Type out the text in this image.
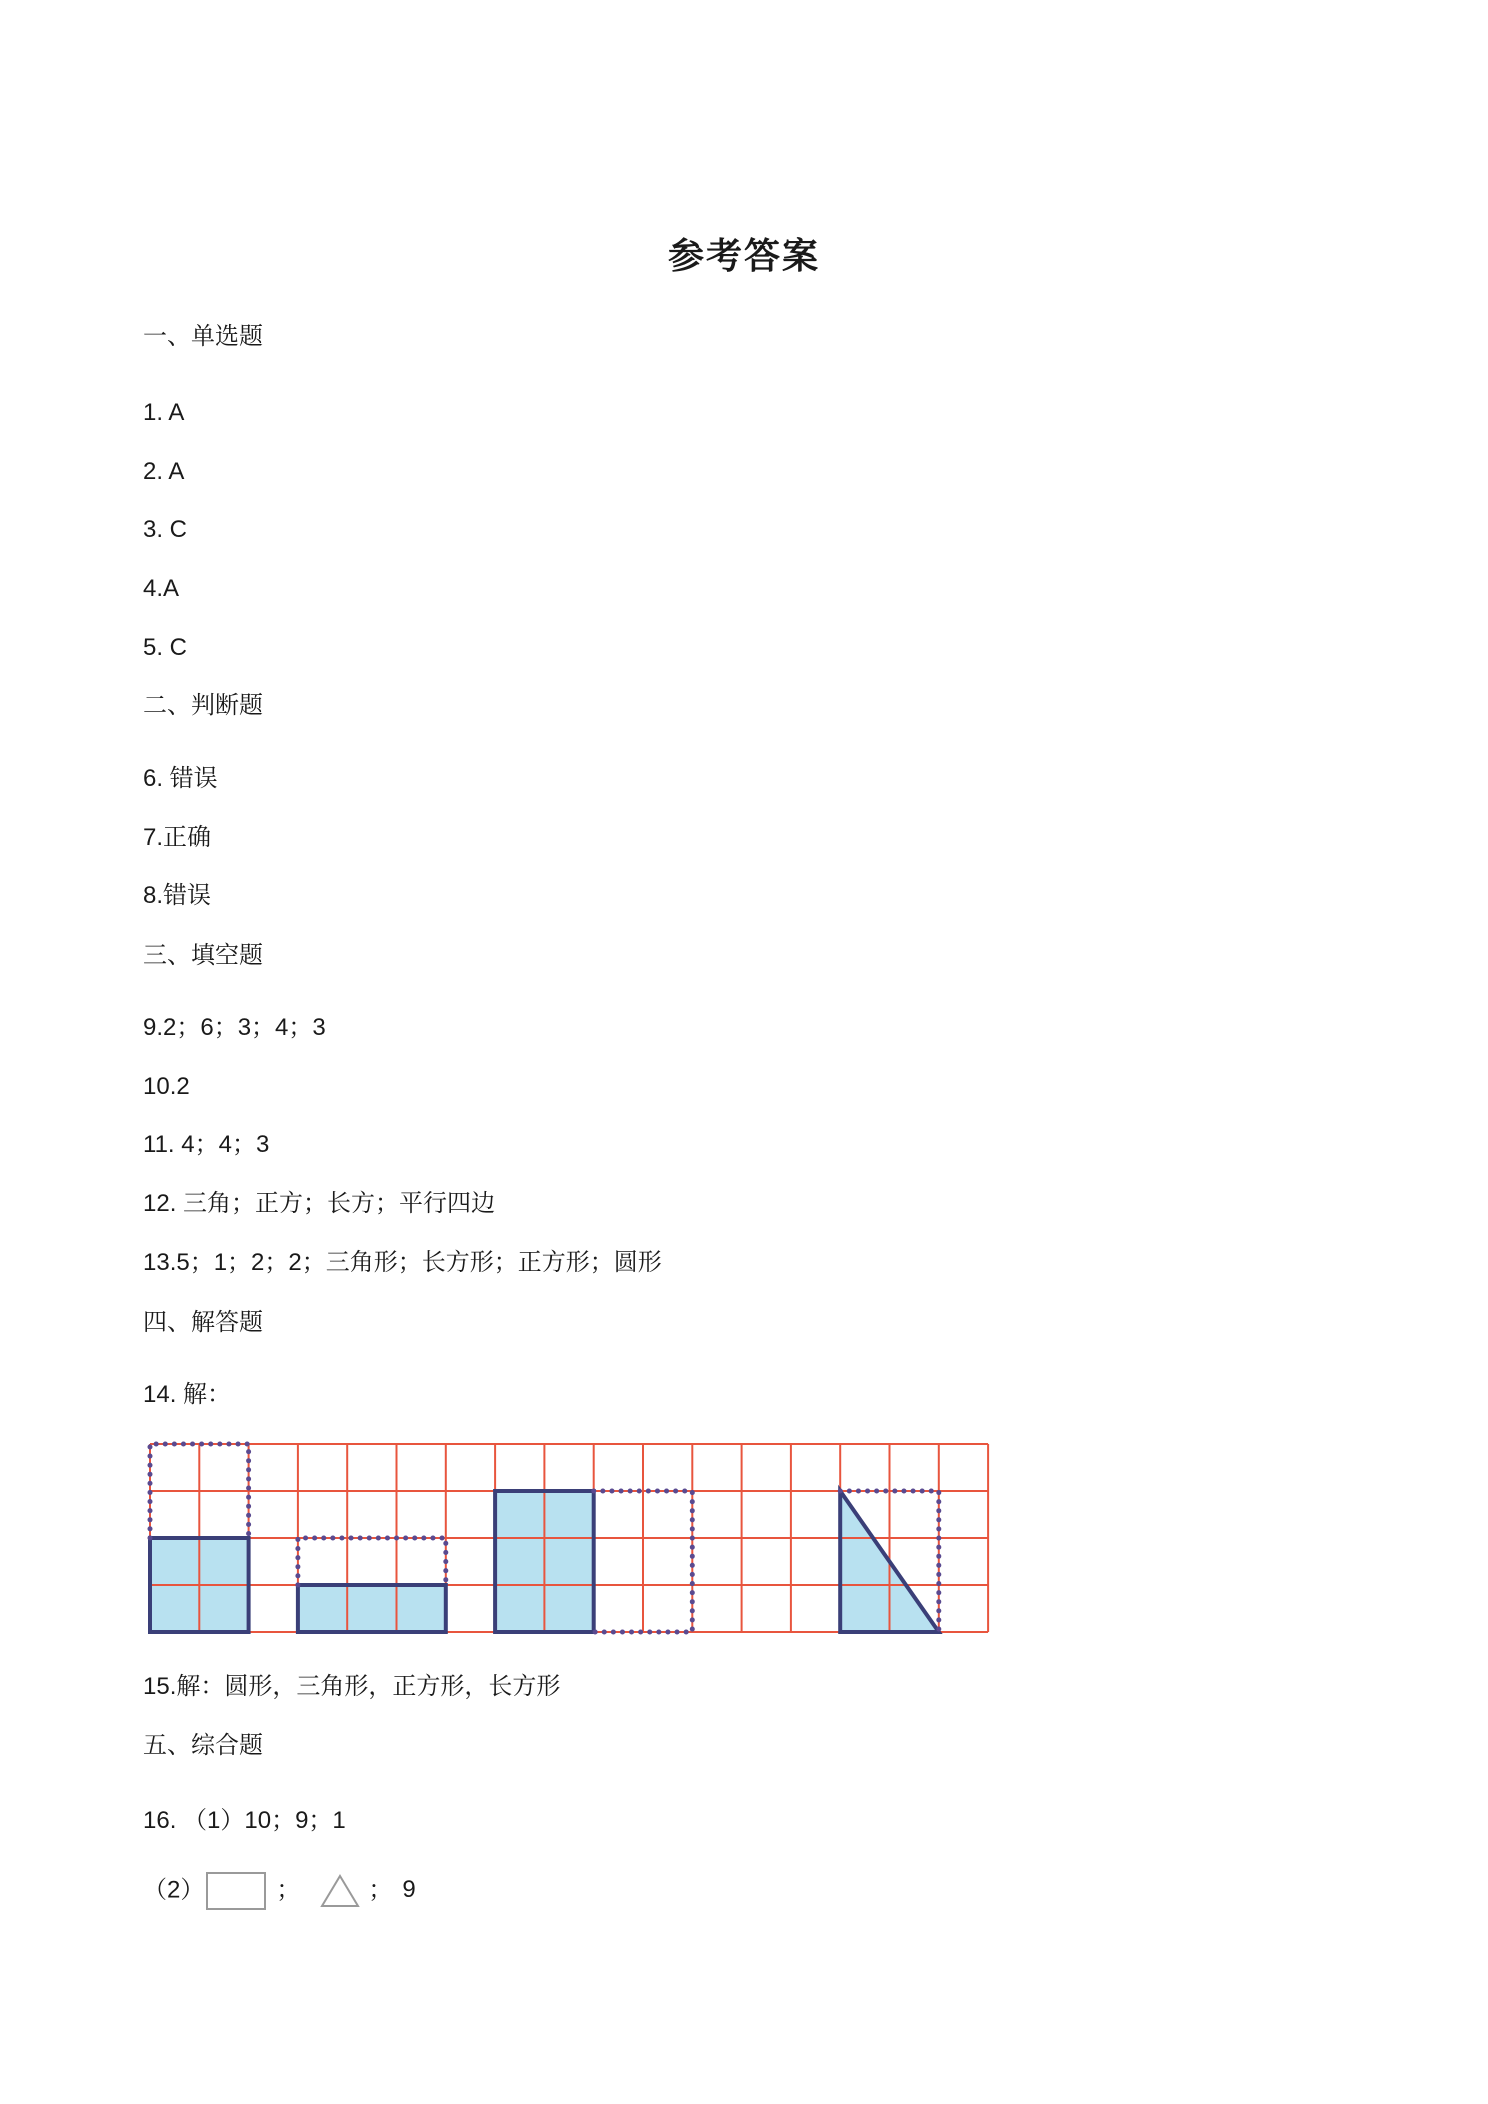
参考答案
一、单选题
1. A
2. A
3. C
4.A
5. C
二、判断题
6. 错误
7.正确
8.错误
三、填空题
9.2；6；3；4；3
10.2
11. 4；4；3
12. 三角；正方；长方；平行四边
13.5；1；2；2；三角形；长方形；正方形；圆形
四、解答题
14. 解：
15.解：圆形，三角形，正方形，长方形
五、综合题
16. （1）10；9；1
（2）	；	； 9
